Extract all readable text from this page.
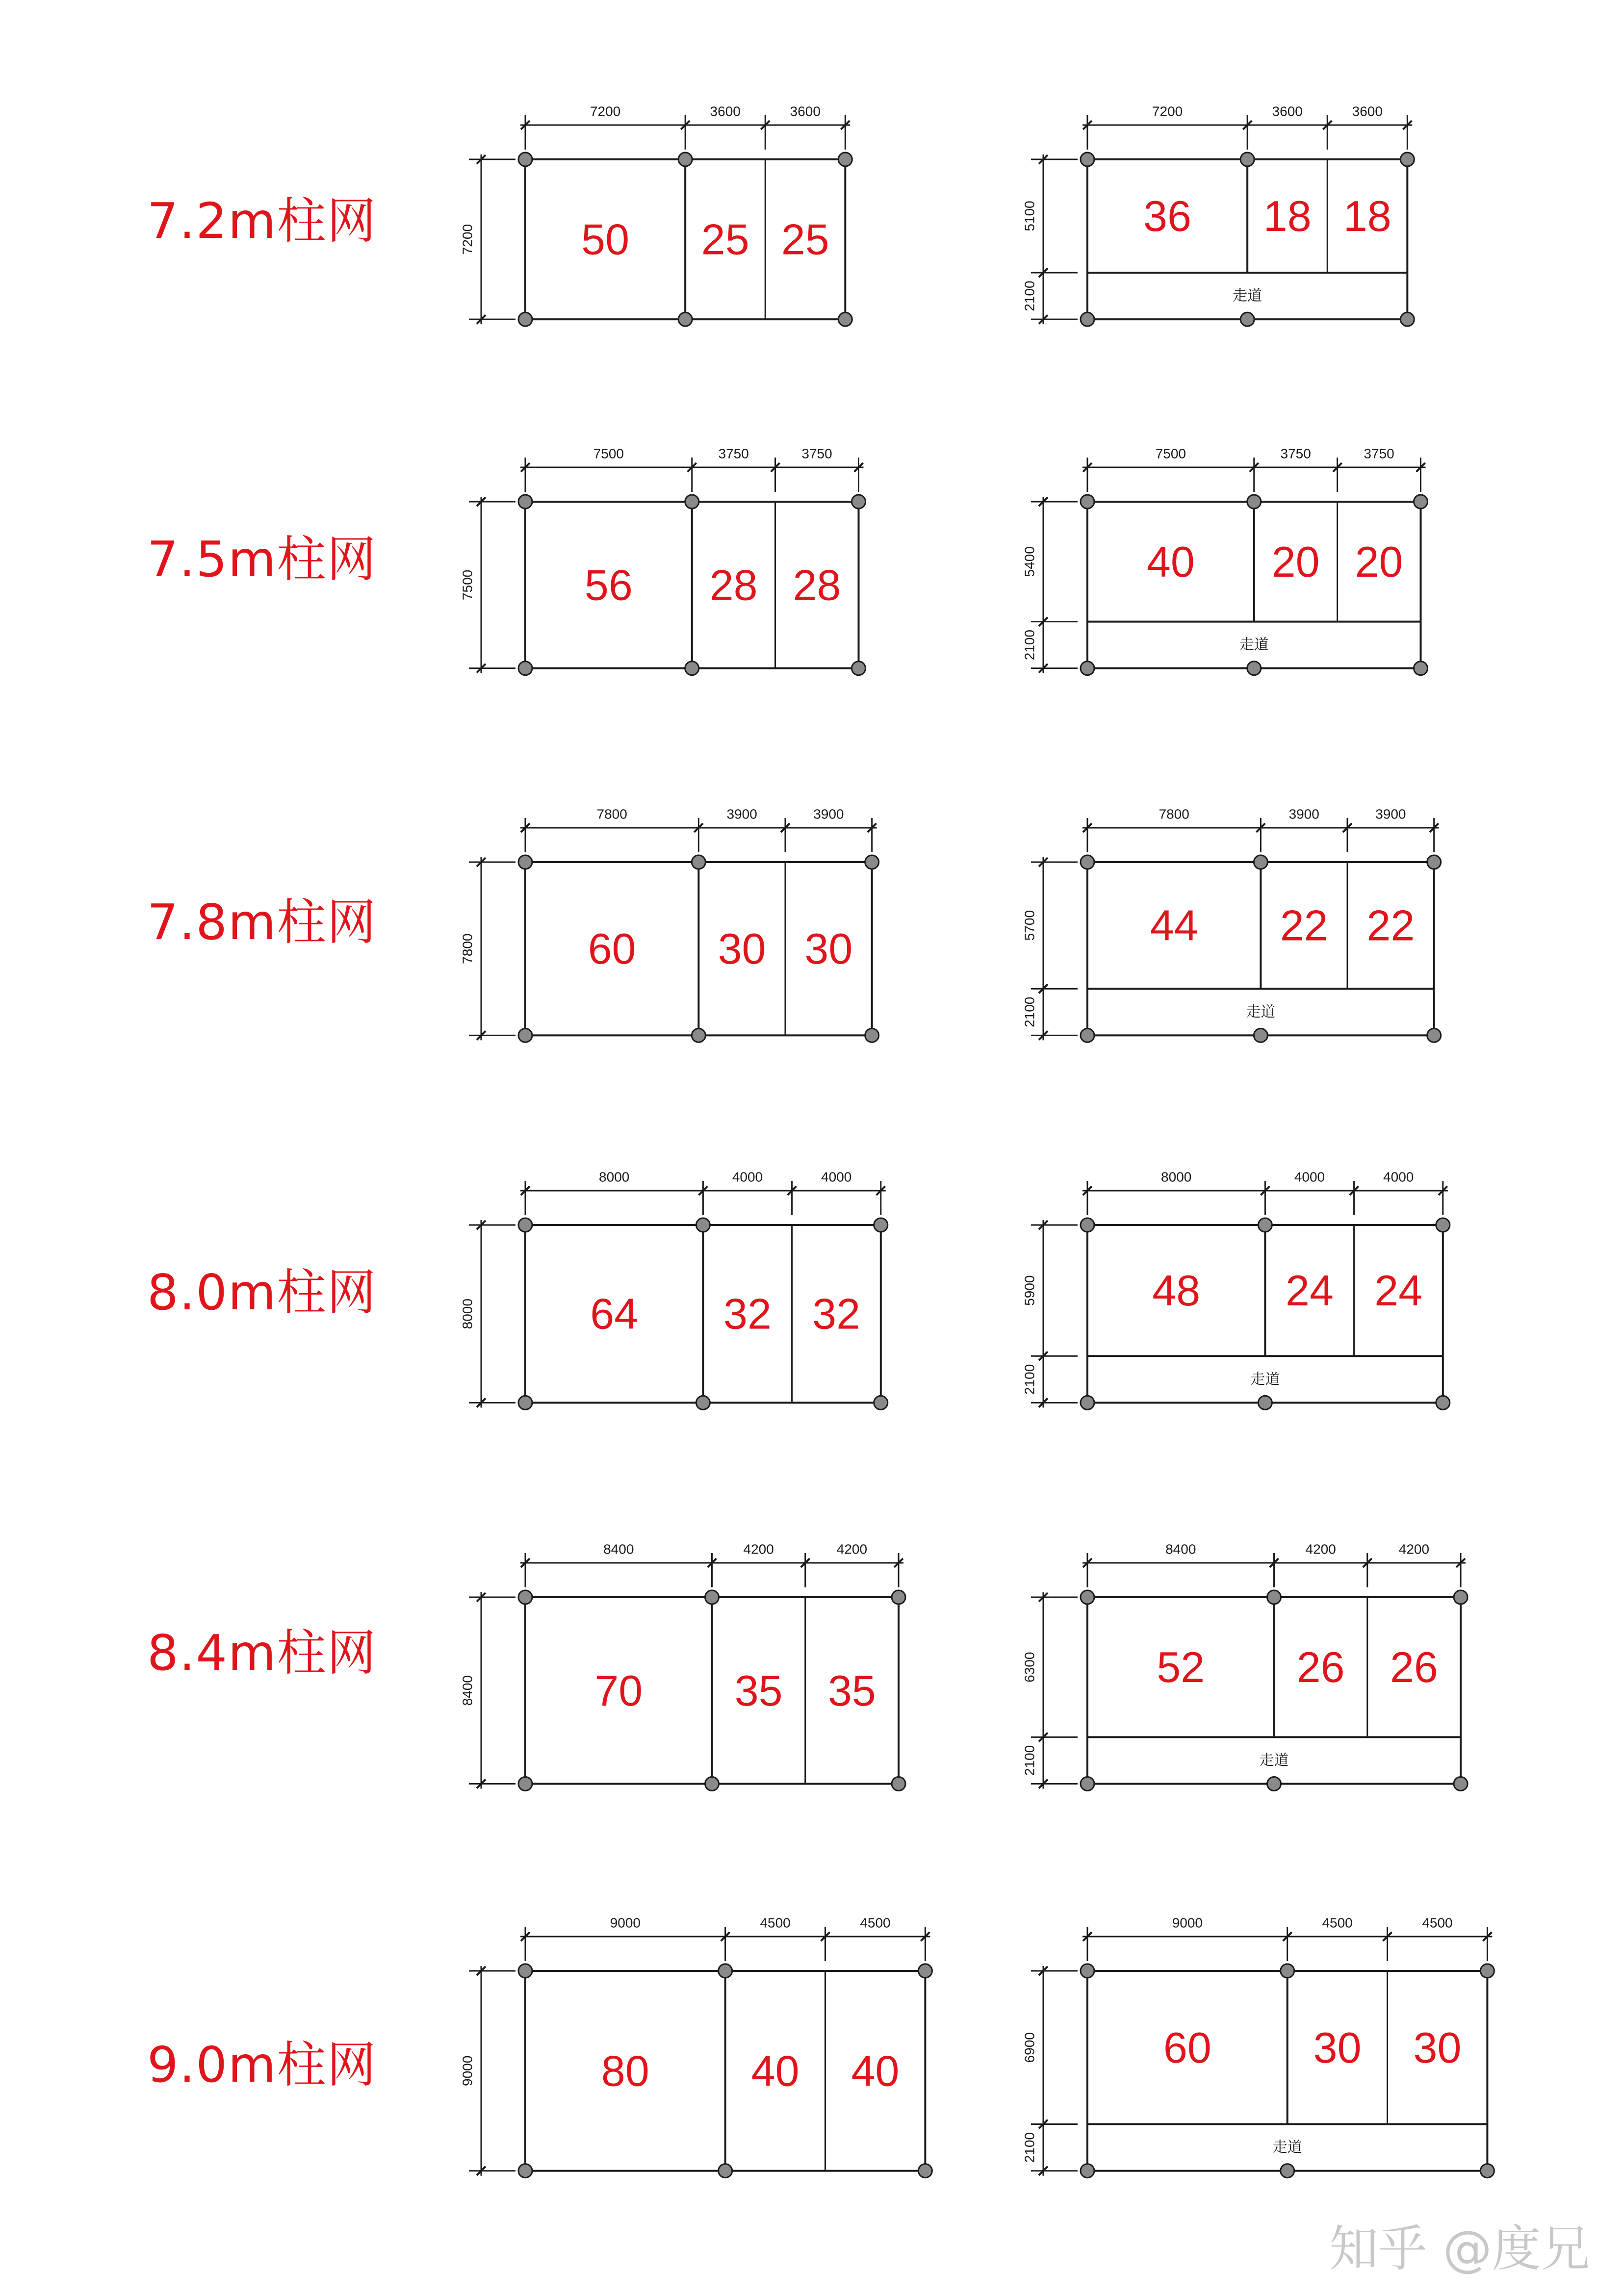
7200	3600	3600
7200 50 25 25
7200	3600	3600
5100
2100	走道
36 18 18
7500	3750	3750
7500	56 28 28
7500	3750	3750
5400
2100	走道
40 20 20
7800	3900	3900
7800	60 30 30
7800	3900	3900
5700
2100	走道
44 22 22
8000	4000	4000
8000	64 32 32
8000	4000	4000
5900
2100	走道
48 24 24
8400	4200	4200
8400	70 35 35
8400	4200	4200
6300
2100	走道
52 26 26
9000	4500	4500
9000	80 40 40
9000	4500	4500
6900
2100	走道
60 30 30
知乎 @度兄
7.2m柱网
7.5m柱网
7.8m柱网
8.0m柱网
8.4m柱网
9.0m柱网
